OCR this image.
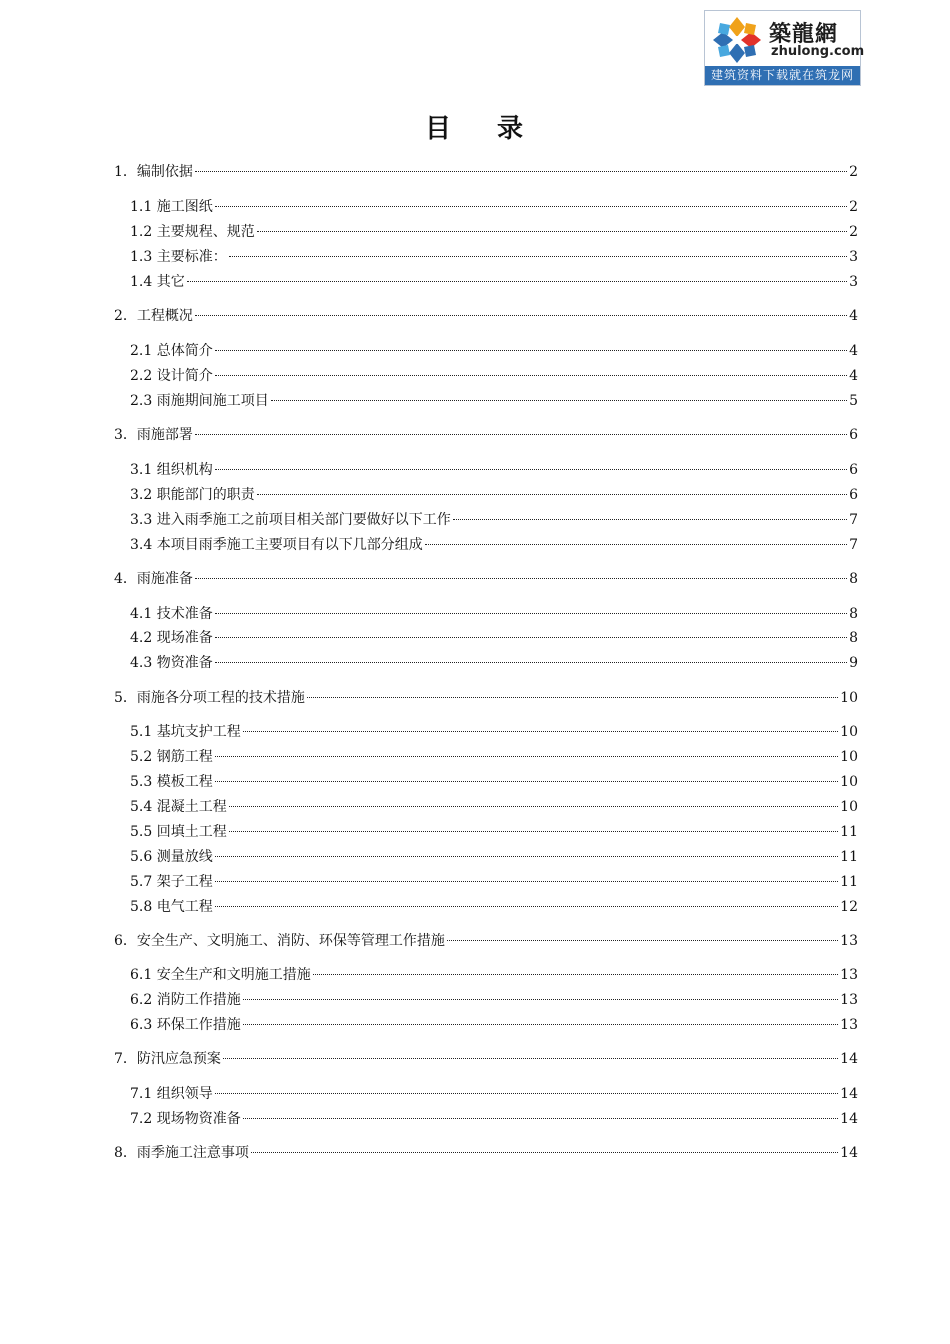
築龍網
zhulong.com
建筑资料下载就在筑龙网
目 录
1．编制依据	2
1.1 施工图纸	2
1.2 主要规程、规范	2
1.3 主要标准：	3
1.4 其它	3
2．工程概况	4
2.1 总体简介	4
2.2 设计简介	4
2.3 雨施期间施工项目	5
3．雨施部署	6
3.1 组织机构	6
3.2 职能部门的职责	6
3.3 进入雨季施工之前项目相关部门要做好以下工作	7
3.4 本项目雨季施工主要项目有以下几部分组成	7
4．雨施准备	8
4.1 技术准备	8
4.2 现场准备	8
4.3 物资准备	9
5．雨施各分项工程的技术措施	10
5.1 基坑支护工程	10
5.2 钢筋工程	10
5.3 模板工程	10
5.4 混凝土工程	10
5.5 回填土工程	11
5.6 测量放线	11
5.7 架子工程	11
5.8 电气工程	12
6．安全生产、文明施工、消防、环保等管理工作措施	13
6.1 安全生产和文明施工措施	13
6.2 消防工作措施	13
6.3 环保工作措施	13
7．防汛应急预案	14
7.1 组织领导	14
7.2 现场物资准备	14
8．雨季施工注意事项	14
